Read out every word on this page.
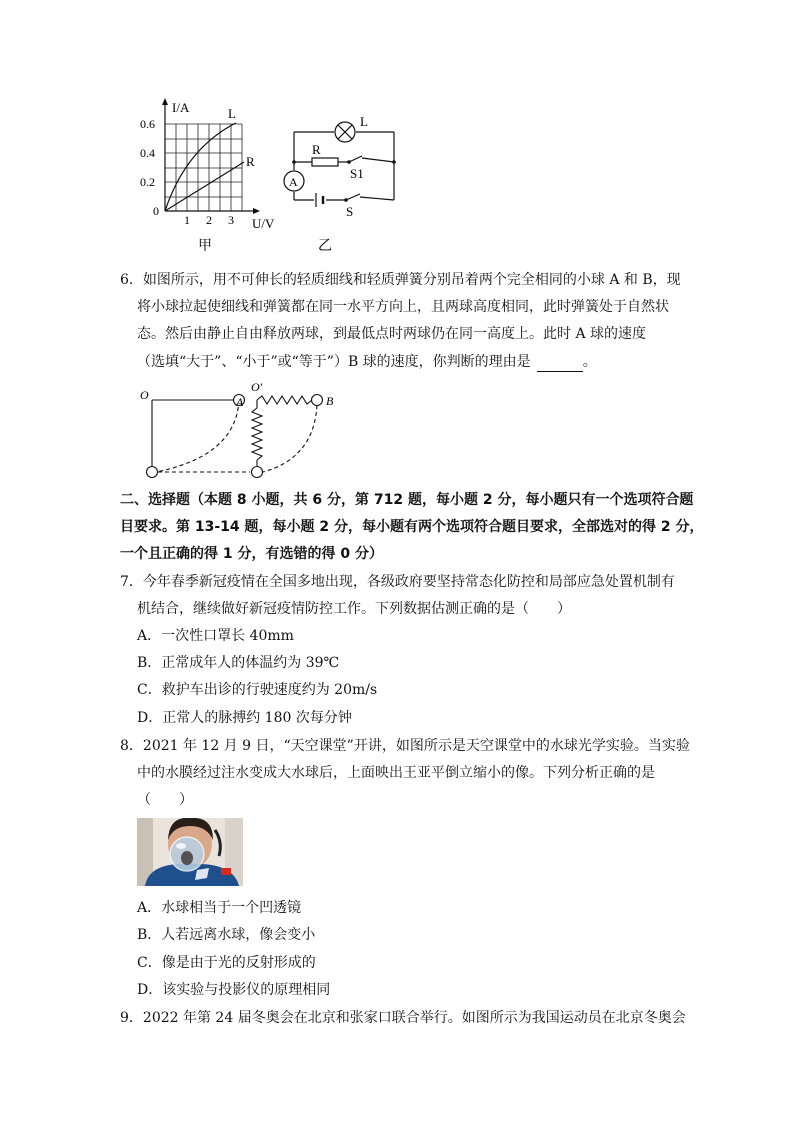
I/A
0.6
0.4
0.2
0
1 2 3 U/V
L
R
甲
A
L
R
S1
S
乙
6．如图所示，用不可伸长的轻质细线和轻质弹簧分别吊着两个完全相同的小球 A 和 B，现
将小球拉起使细线和弹簧都在同一水平方向上，且两球高度相同，此时弹簧处于自然状
态。然后由静止自由释放两球，到最低点时两球仍在同一高度上。此时 A 球的速度
（选填“大于”、“小于”或“等于”）B 球的速度，你判断的理由是	。
O	A
O′
B
二、选择题（本题 8 小题，共 6 分，第 712 题，每小题 2 分，每小题只有一个选项符合题
目要求。第 13-14 题，每小题 2 分，每小题有两个选项符合题目要求，全部选对的得 2 分，
一个且正确的得 1 分，有选错的得 0 分）
7．今年春季新冠疫情在全国多地出现，各级政府要坚持常态化防控和局部应急处置机制有
机结合，继续做好新冠疫情防控工作。下列数据估测正确的是（　　）
A．一次性口罩长 40mm
B．正常成年人的体温约为 39℃
C．救护车出诊的行驶速度约为 20m/s
D．正常人的脉搏约 180 次每分钟
8．2021 年 12 月 9 日，“天空课堂”开讲，如图所示是天空课堂中的水球光学实验。当实验
中的水膜经过注水变成大水球后，上面映出王亚平倒立缩小的像。下列分析正确的是
（　　）
A．水球相当于一个凹透镜
B．人若远离水球，像会变小
C．像是由于光的反射形成的
D．该实验与投影仪的原理相同
9．2022 年第 24 届冬奥会在北京和张家口联合举行。如图所示为我国运动员在北京冬奥会
